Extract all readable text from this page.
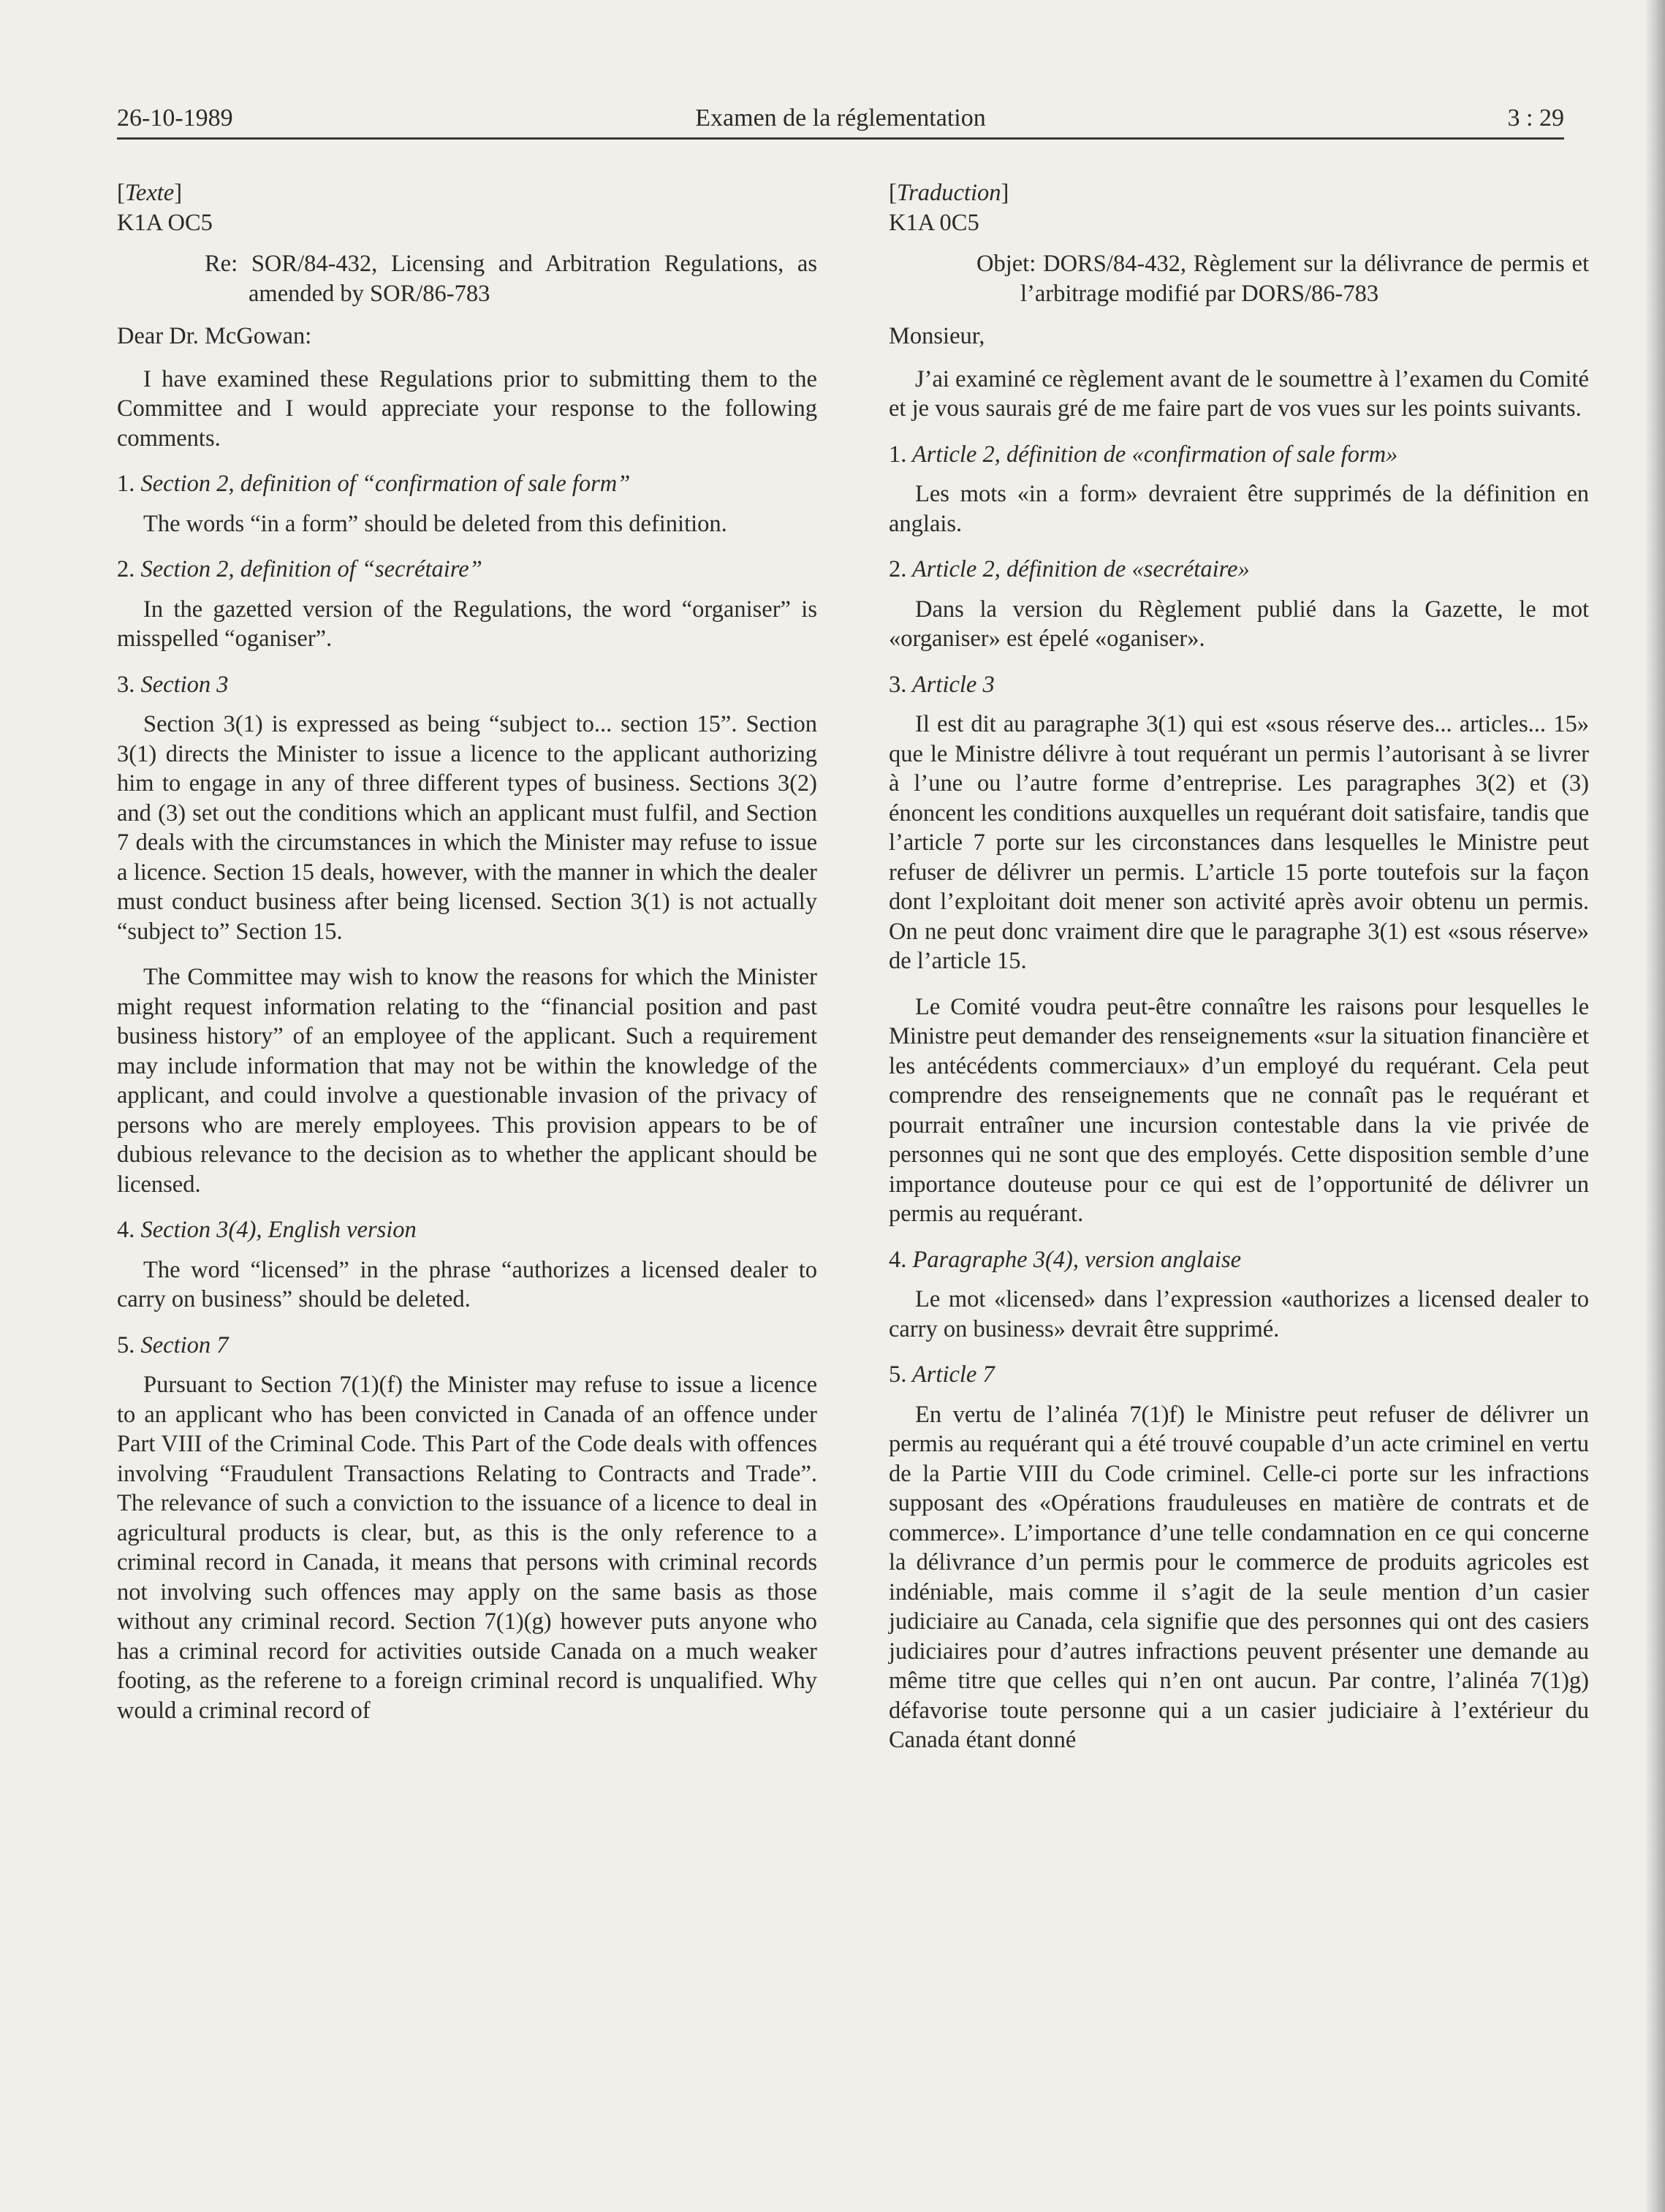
26-10-1989	Examen de la réglementation	3 : 29

[Texte]

K1A OC5

Re: SOR/84-432, Licensing and Arbitration Regulations, as amended by SOR/86-783

Dear Dr. McGowan:

I have examined these Regulations prior to submitting them to the Committee and I would appreciate your response to the following comments.

1. Section 2, definition of “confirmation of sale form”

The words “in a form” should be deleted from this definition.

2. Section 2, definition of “secrétaire”

In the gazetted version of the Regulations, the word “organiser” is misspelled “oganiser”.

3. Section 3

Section 3(1) is expressed as being “subject to... section 15”. Section 3(1) directs the Minister to issue a licence to the applicant authorizing him to engage in any of three different types of business. Sections 3(2) and (3) set out the conditions which an applicant must fulfil, and Section 7 deals with the circumstances in which the Minister may refuse to issue a licence. Section 15 deals, however, with the manner in which the dealer must conduct business after being licensed. Section 3(1) is not actually “subject to” Section 15.

The Committee may wish to know the reasons for which the Minister might request information relating to the “financial position and past business history” of an employee of the applicant. Such a requirement may include information that may not be within the knowledge of the applicant, and could involve a questionable invasion of the privacy of persons who are merely employees. This provision appears to be of dubious relevance to the decision as to whether the applicant should be licensed.

4. Section 3(4), English version

The word “licensed” in the phrase “authorizes a licensed dealer to carry on business” should be deleted.

5. Section 7

Pursuant to Section 7(1)(f) the Minister may refuse to issue a licence to an applicant who has been convicted in Canada of an offence under Part VIII of the Criminal Code. This Part of the Code deals with offences involving “Fraudulent Transactions Relating to Contracts and Trade”. The relevance of such a conviction to the issuance of a licence to deal in agricultural products is clear, but, as this is the only reference to a criminal record in Canada, it means that persons with criminal records not involving such offences may apply on the same basis as those without any criminal record. Section 7(1)(g) however puts anyone who has a criminal record for activities outside Canada on a much weaker footing, as the referene to a foreign criminal record is unqualified. Why would a criminal record of

[Traduction]

K1A 0C5

Objet: DORS/84-432, Règlement sur la délivrance de permis et l’arbitrage modifié par DORS/86-783

Monsieur,

J’ai examiné ce règlement avant de le soumettre à l’examen du Comité et je vous saurais gré de me faire part de vos vues sur les points suivants.

1. Article 2, définition de «confirmation of sale form»

Les mots «in a form» devraient être supprimés de la définition en anglais.

2. Article 2, définition de «secrétaire»

Dans la version du Règlement publié dans la Gazette, le mot «organiser» est épelé «oganiser».

3. Article 3

Il est dit au paragraphe 3(1) qui est «sous réserve des... articles... 15» que le Ministre délivre à tout requérant un permis l’autorisant à se livrer à l’une ou l’autre forme d’entreprise. Les paragraphes 3(2) et (3) énoncent les conditions auxquelles un requérant doit satisfaire, tandis que l’article 7 porte sur les circonstances dans lesquelles le Ministre peut refuser de délivrer un permis. L’article 15 porte toutefois sur la façon dont l’exploitant doit mener son activité après avoir obtenu un permis. On ne peut donc vraiment dire que le paragraphe 3(1) est «sous réserve» de l’article 15.

Le Comité voudra peut-être connaître les raisons pour lesquelles le Ministre peut demander des renseignements «sur la situation financière et les antécédents commerciaux» d’un employé du requérant. Cela peut comprendre des renseignements que ne connaît pas le requérant et pourrait entraîner une incursion contestable dans la vie privée de personnes qui ne sont que des employés. Cette disposition semble d’une importance douteuse pour ce qui est de l’opportunité de délivrer un permis au requérant.

4. Paragraphe 3(4), version anglaise

Le mot «licensed» dans l’expression «authorizes a licensed dealer to carry on business» devrait être supprimé.

5. Article 7

En vertu de l’alinéa 7(1)f) le Ministre peut refuser de délivrer un permis au requérant qui a été trouvé coupable d’un acte criminel en vertu de la Partie VIII du Code criminel. Celle-ci porte sur les infractions supposant des «Opérations frauduleuses en matière de contrats et de commerce». L’importance d’une telle condamnation en ce qui concerne la délivrance d’un permis pour le commerce de produits agricoles est indéniable, mais comme il s’agit de la seule mention d’un casier judiciaire au Canada, cela signifie que des personnes qui ont des casiers judiciaires pour d’autres infractions peuvent présenter une demande au même titre que celles qui n’en ont aucun. Par contre, l’alinéa 7(1)g) défavorise toute personne qui a un casier judiciaire à l’extérieur du Canada étant donné
